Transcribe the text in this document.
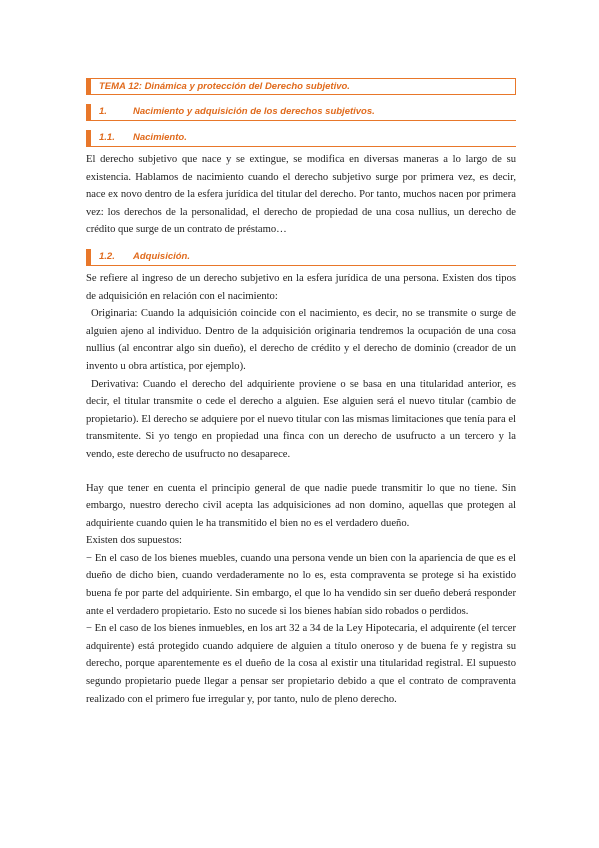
TEMA 12: Dinámica y protección del Derecho subjetivo.
1.	Nacimiento y adquisición de los derechos subjetivos.
1.1. Nacimiento.

El derecho subjetivo que nace y se extingue, se modifica en diversas maneras a lo largo de su existencia. Hablamos de nacimiento cuando el derecho subjetivo surge por primera vez, es decir, nace ex novo dentro de la esfera jurídica del titular del derecho. Por tanto, muchos nacen por primera vez: los derechos de la personalidad, el derecho de propiedad de una cosa nullius, un derecho de crédito que surge de un contrato de préstamo…

1.2. Adquisición.

Se refiere al ingreso de un derecho subjetivo en la esfera jurídica de una persona. Existen dos tipos de adquisición en relación con el nacimiento:

Originaria: Cuando la adquisición coincide con el nacimiento, es decir, no se transmite o surge de alguien ajeno al individuo. Dentro de la adquisición originaria tendremos la ocupación de una cosa nullius (al encontrar algo sin dueño), el derecho de crédito y el derecho de dominio (creador de un invento u obra artística, por ejemplo).

Derivativa: Cuando el derecho del adquiriente proviene o se basa en una titularidad anterior, es decir, el titular transmite o cede el derecho a alguien. Ese alguien será el nuevo titular (cambio de propietario). El derecho se adquiere por el nuevo titular con las mismas limitaciones que tenía para el transmitente. Si yo tengo en propiedad una finca con un derecho de usufructo a un tercero y la vendo, este derecho de usufructo no desaparece.

Hay que tener en cuenta el principio general de que nadie puede transmitir lo que no tiene. Sin embargo, nuestro derecho civil acepta las adquisiciones ad non domino, aquellas que protegen al adquiriente cuando quien le ha transmitido el bien no es el verdadero dueño.

Existen dos supuestos:

− En el caso de los bienes muebles, cuando una persona vende un bien con la apariencia de que es el dueño de dicho bien, cuando verdaderamente no lo es, esta compraventa se protege si ha existido buena fe por parte del adquiriente. Sin embargo, el que lo ha vendido sin ser dueño deberá responder ante el verdadero propietario. Esto no sucede si los bienes habían sido robados o perdidos.

− En el caso de los bienes inmuebles, en los art 32 a 34 de la Ley Hipotecaria, el adquirente (el tercer adquirente) está protegido cuando adquiere de alguien a título oneroso y de buena fe y registra su derecho, porque aparentemente es el dueño de la cosa al existir una titularidad registral. El supuesto segundo propietario puede llegar a pensar ser propietario debido a que el contrato de compraventa realizado con el primero fue irregular y, por tanto, nulo de pleno derecho.
